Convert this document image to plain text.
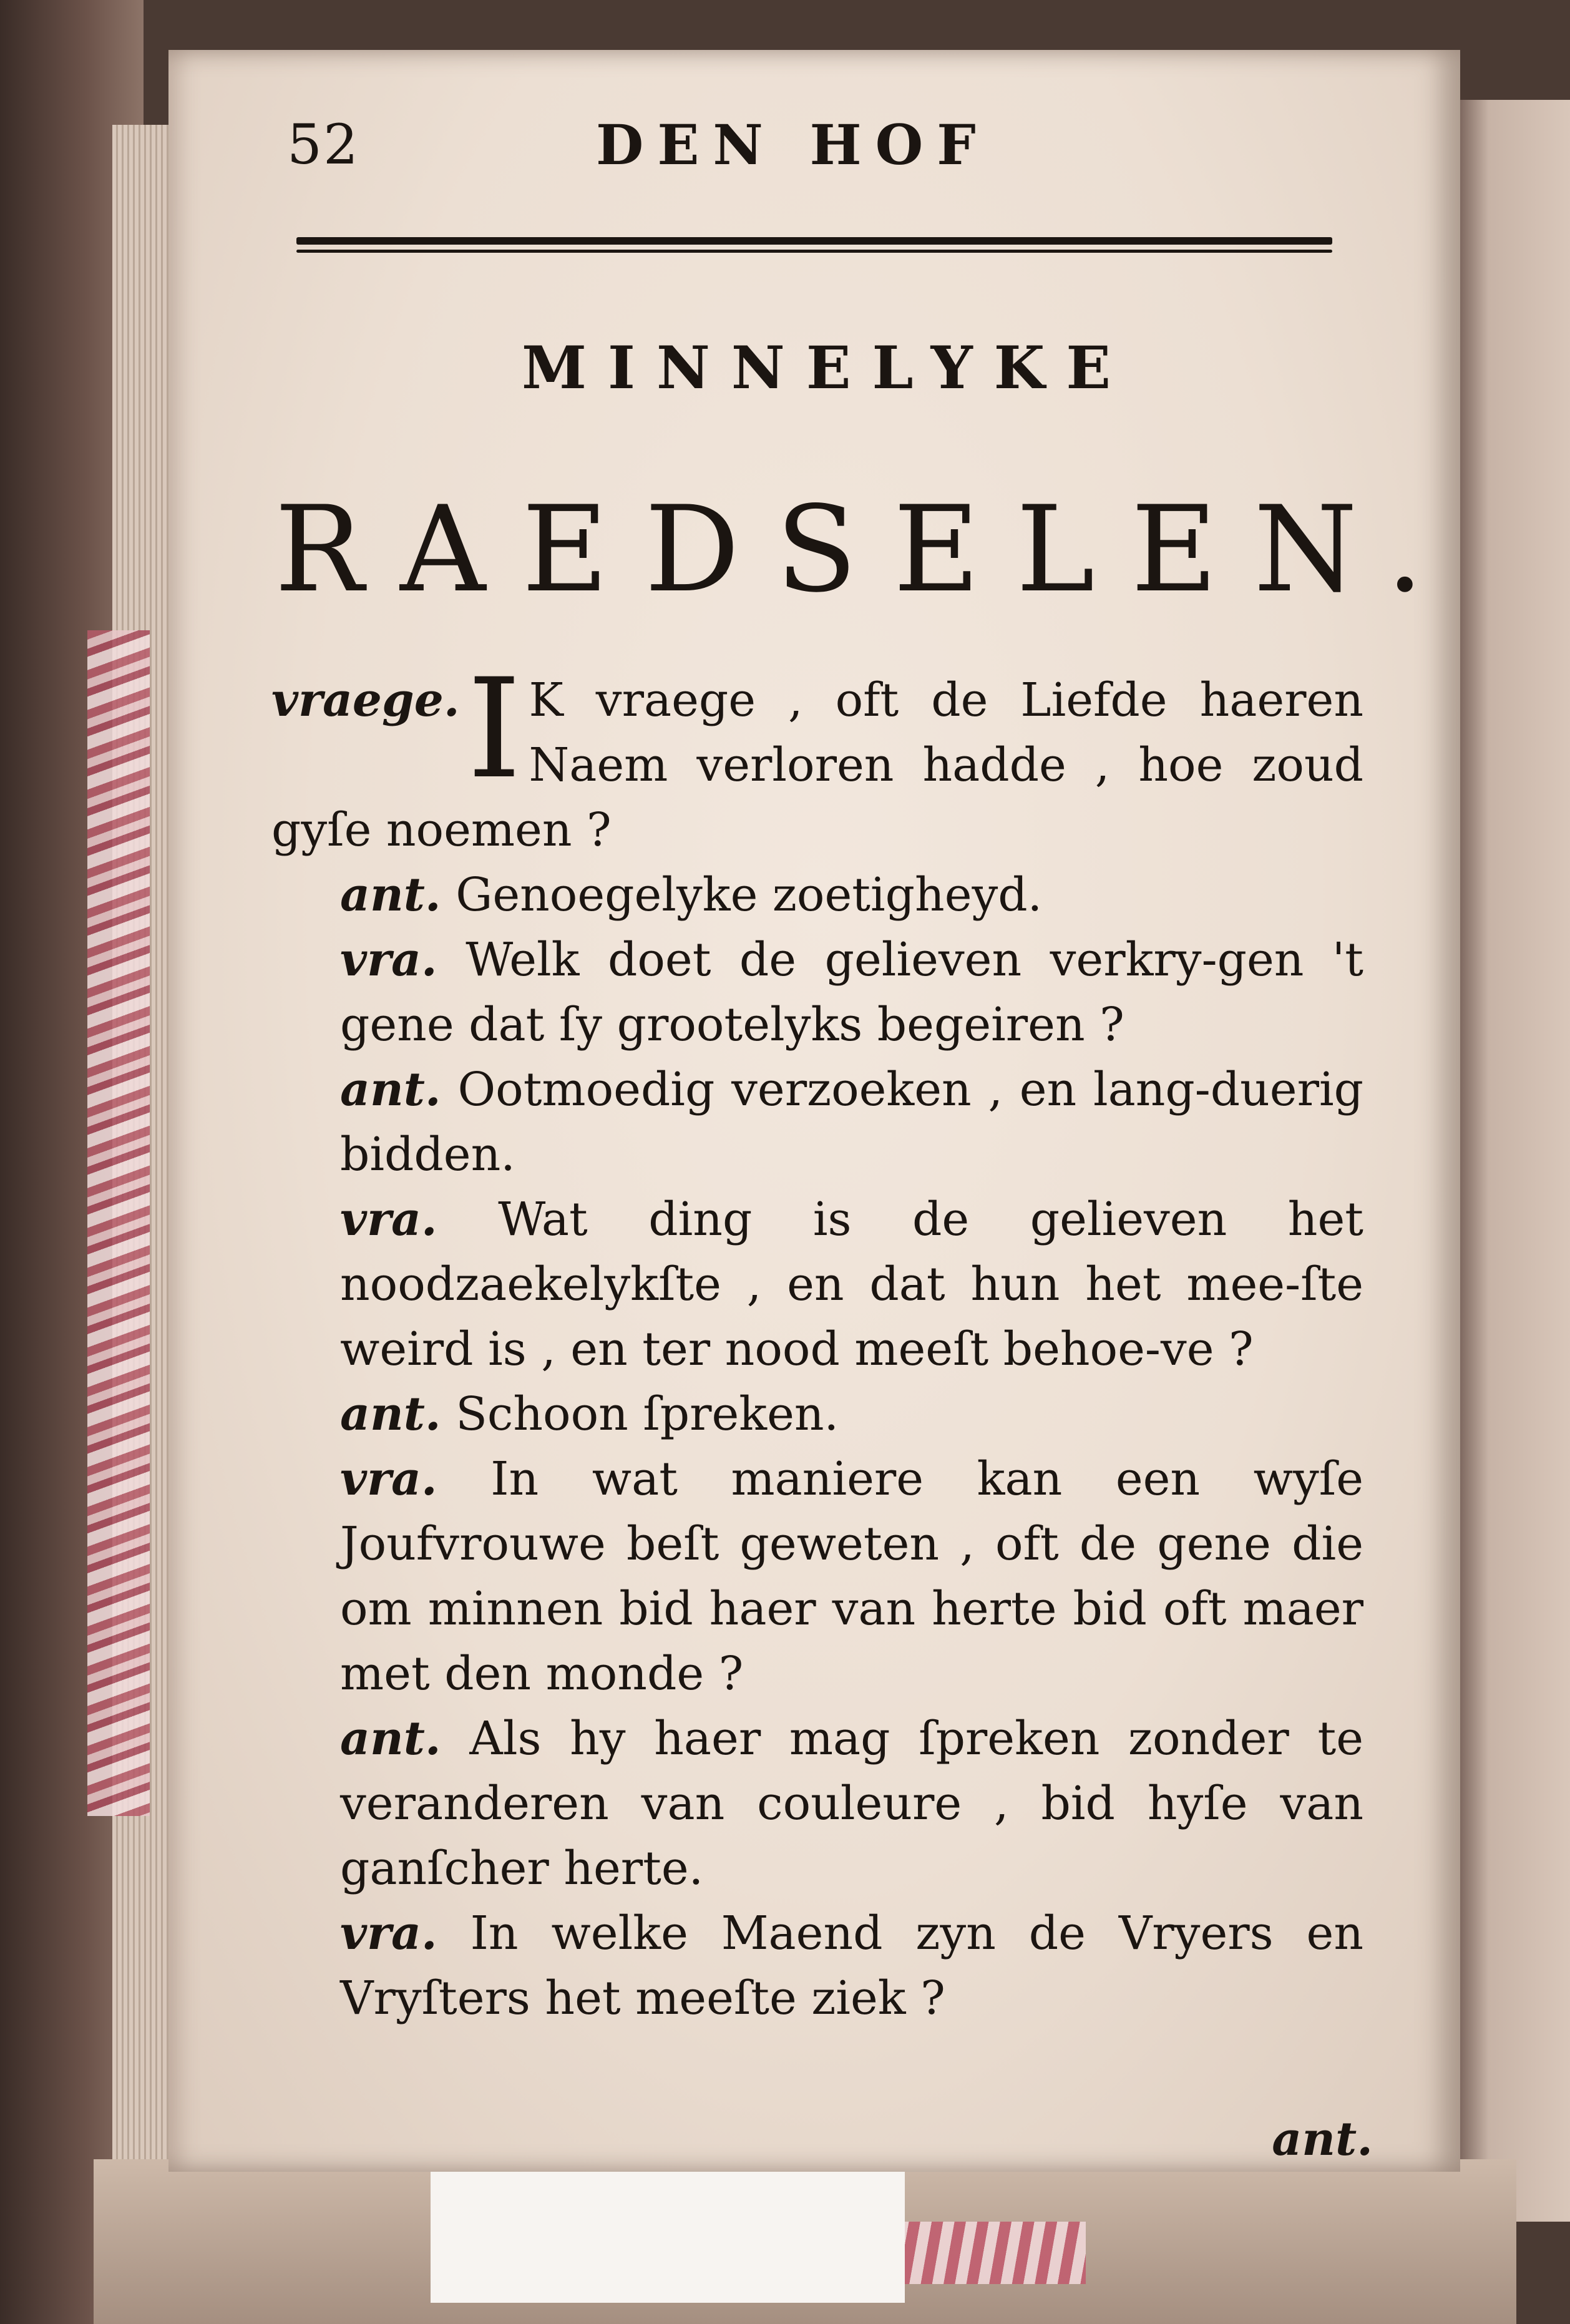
52	DEN HOF
MINNELYKE
RAEDSELEN.

vraege. I K vraege , oft de Liefde haeren Naem verloren hadde , hoe zoud gyſe noemen ?

ant. Genoegelyke zoetigheyd.

vra. Welk doet de gelieven verkry-gen 't gene dat ſy grootelyks begeiren ?

ant. Ootmoedig verzoeken , en lang-duerig bidden.

vra. Wat ding is de gelieven het noodzaekelykſte , en dat hun het mee-ſte weird is , en ter nood meeſt behoe-ve ?

ant. Schoon ſpreken.

vra. In wat maniere kan een wyſe Joufvrouwe beſt geweten , oft de gene die om minnen bid haer van herte bid oft maer met den monde ?

ant. Als hy haer mag ſpreken zonder te veranderen van couleure , bid hyſe van ganſcher herte.

vra. In welke Maend zyn de Vryers en Vryſters het meeſte ziek ?

ant.
